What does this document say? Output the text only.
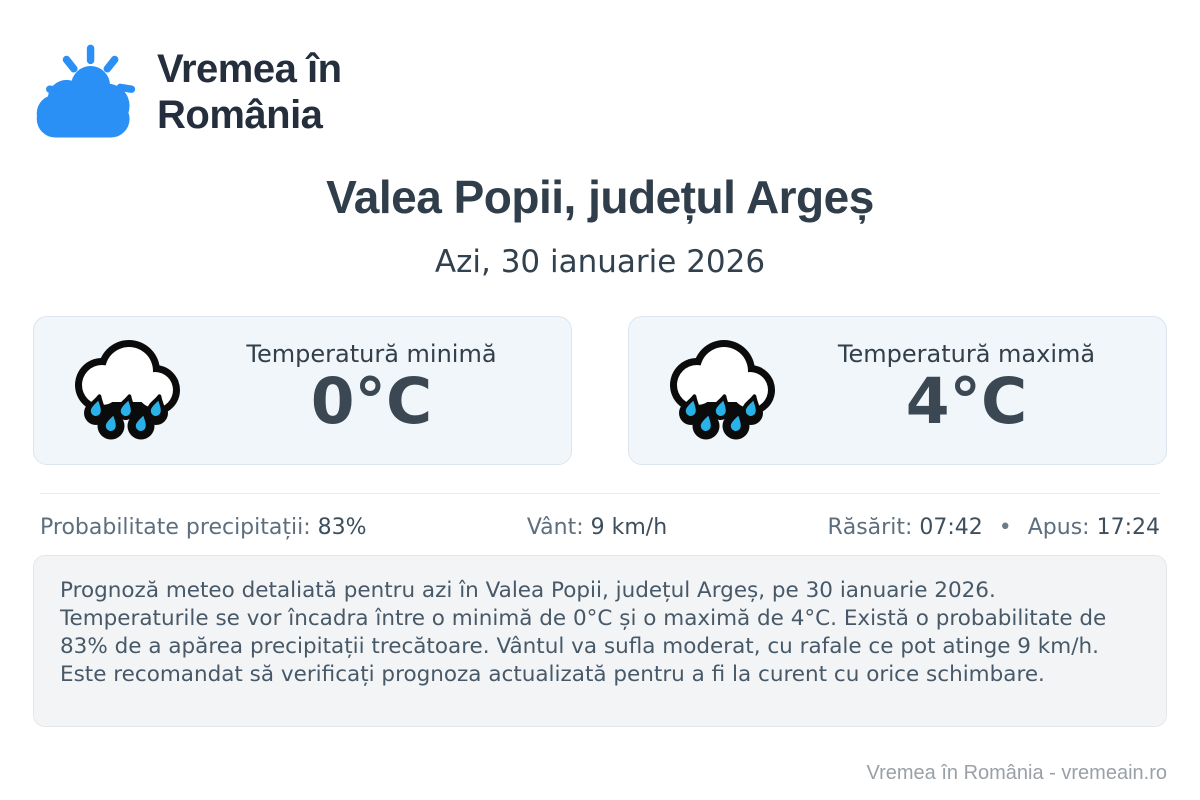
Vremea în
România
Valea Popii, județul Argeș
Azi, 30 ianuarie 2026
Temperatură minimă
0°C
Temperatură maximă
4°C
Probabilitate precipitații: 83%	Vânt: 9 km/h	Răsărit: 07:42 • Apus: 17:24

Prognoză meteo detaliată pentru azi în Valea Popii, județul Argeș, pe 30 ianuarie 2026. Temperaturile se vor încadra între o minimă de 0°C și o maximă de 4°C. Există o probabilitate de 83% de a apărea precipitații trecătoare. Vântul va sufla moderat, cu rafale ce pot atinge 9 km/h. Este recomandat să verificați prognoza actualizată pentru a fi la curent cu orice schimbare.

Vremea în România - vremeain.ro
